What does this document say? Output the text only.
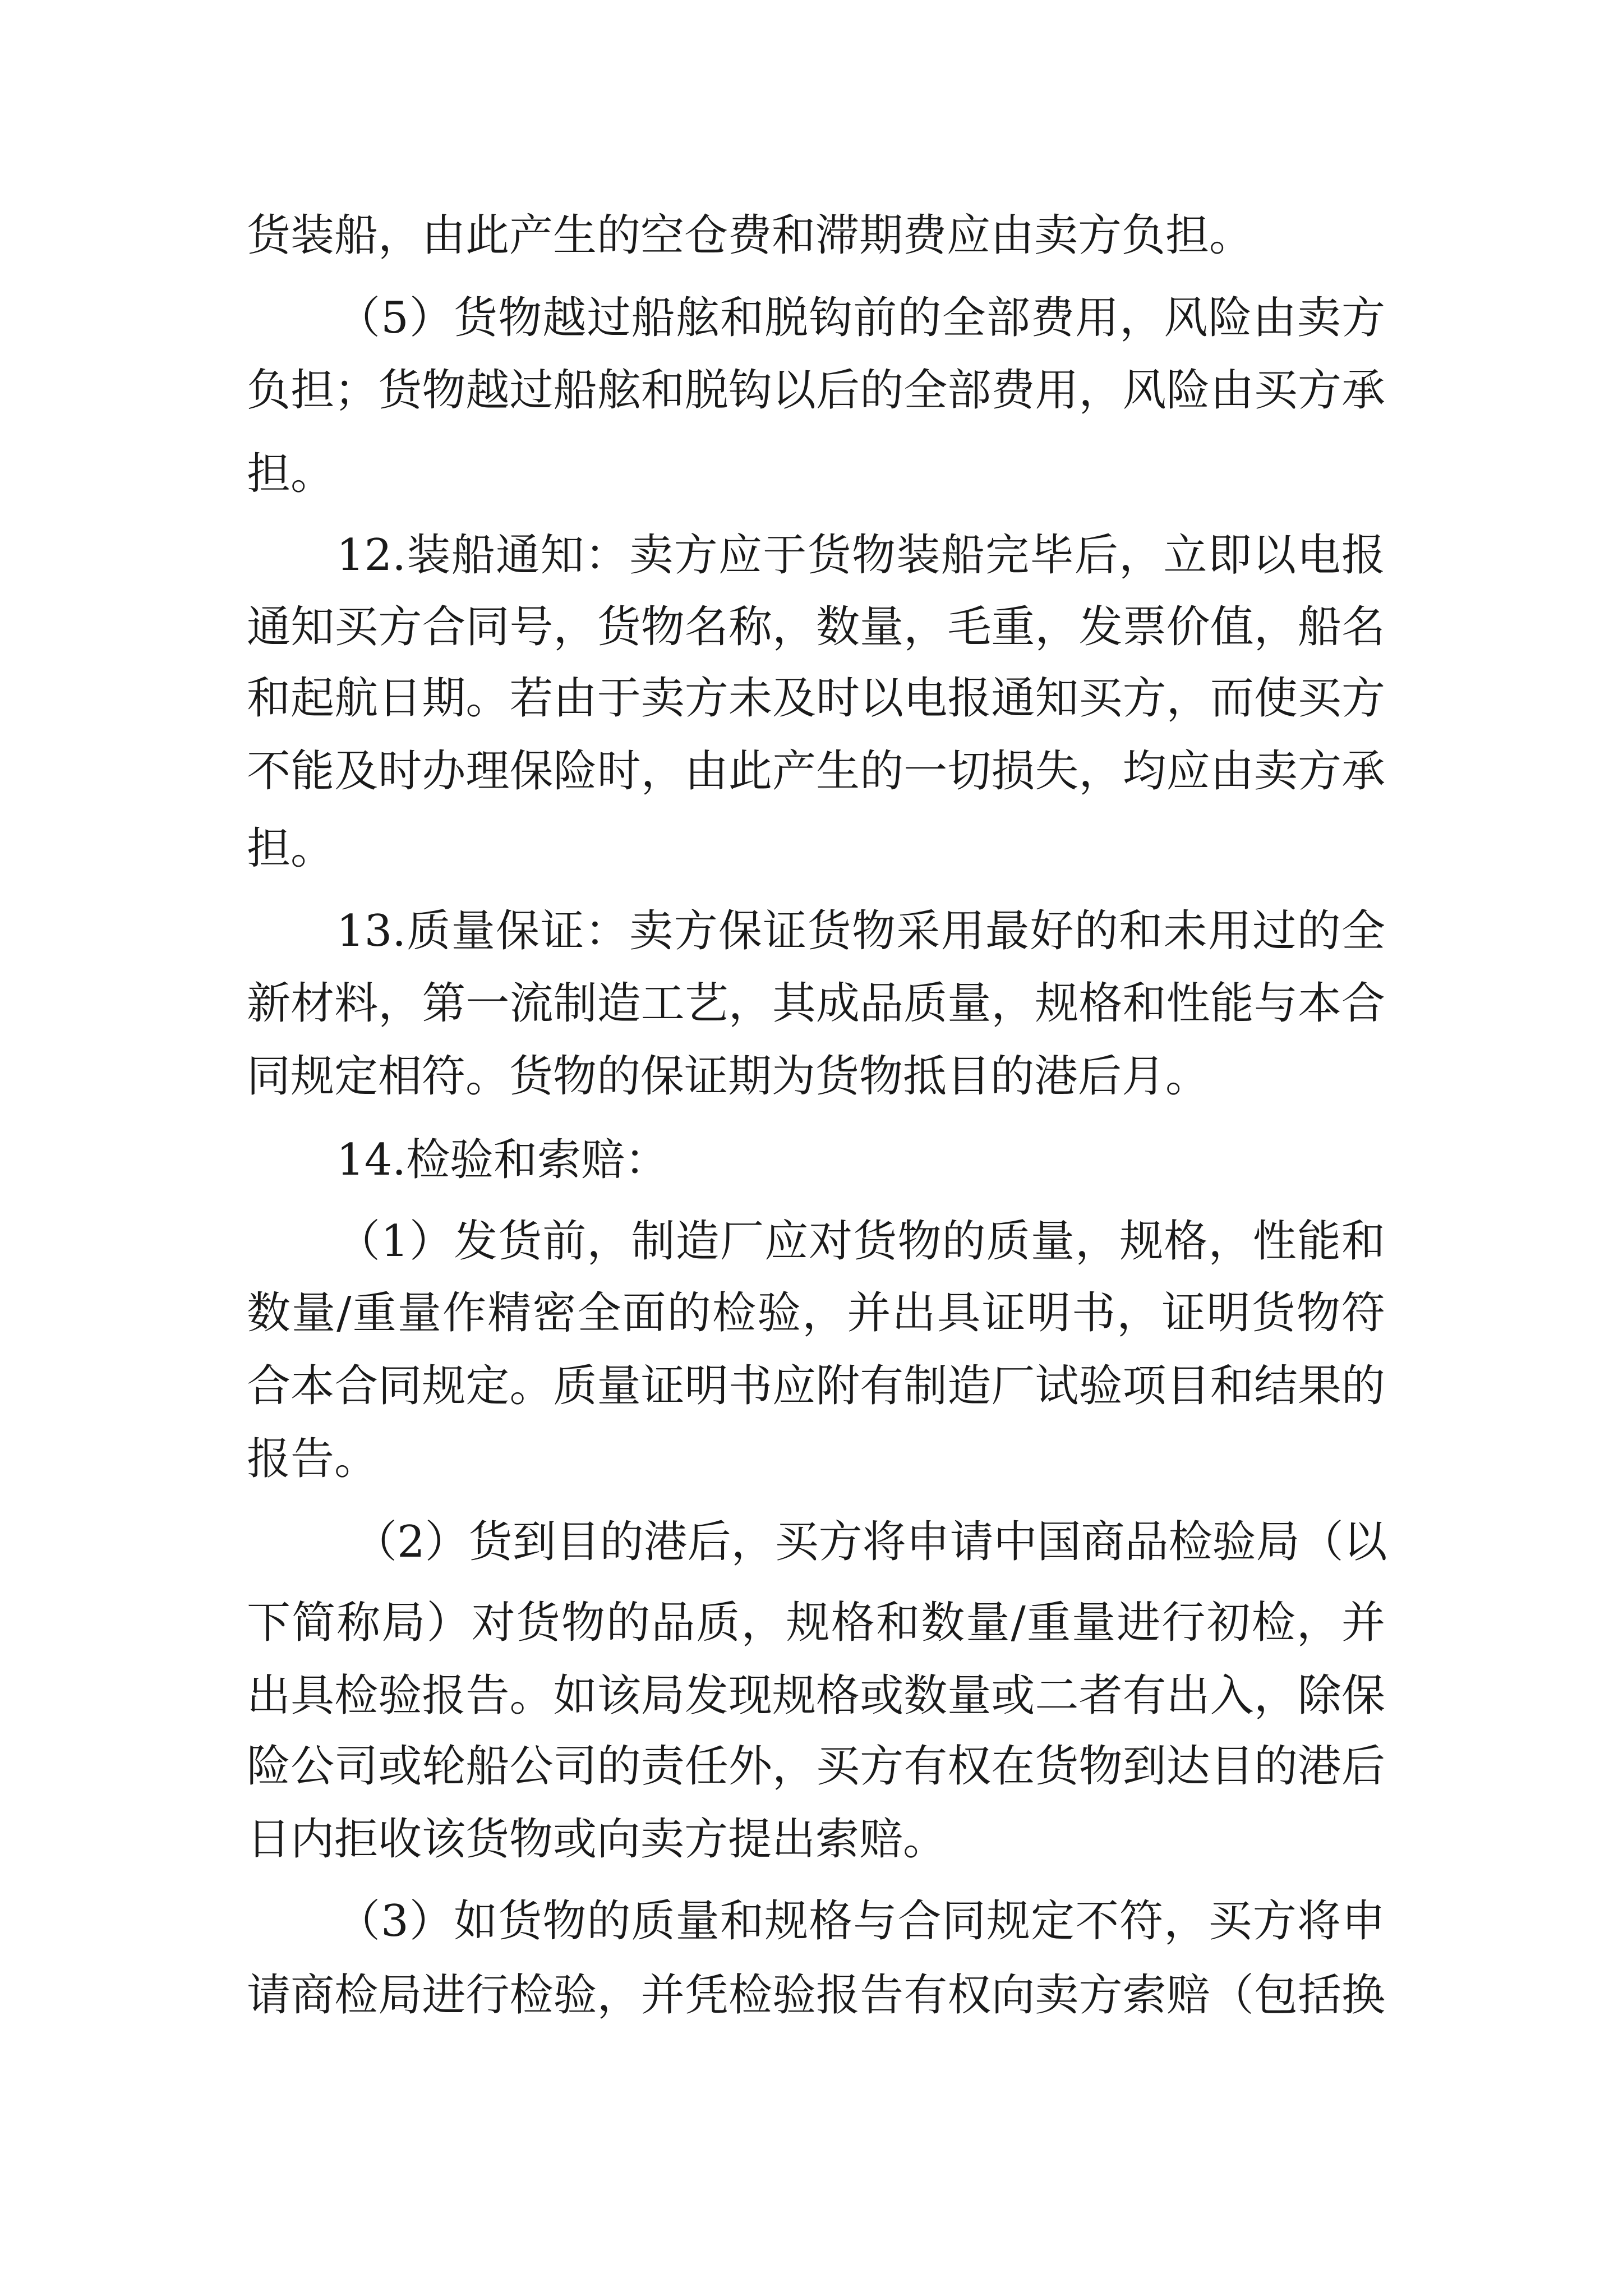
货装船，由此产生的空仓费和滞期费应由卖方负担。

（5）货物越过船舷和脱钩前的全部费用，风险由卖方

负担；货物越过船舷和脱钩以后的全部费用，风险由买方承

担。

12.装船通知：卖方应于货物装船完毕后，立即以电报

通知买方合同号，货物名称，数量，毛重，发票价值，船名

和起航日期。若由于卖方未及时以电报通知买方，而使买方

不能及时办理保险时，由此产生的一切损失，均应由卖方承

担。

13.质量保证：卖方保证货物采用最好的和未用过的全

新材料，第一流制造工艺，其成品质量，规格和性能与本合

同规定相符。货物的保证期为货物抵目的港后月。

14.检验和索赔：

（1）发货前，制造厂应对货物的质量，规格，性能和

数量/重量作精密全面的检验，并出具证明书，证明货物符

合本合同规定。质量证明书应附有制造厂试验项目和结果的

报告。

（2）货到目的港后，买方将申请中国商品检验局（以

下简称局）对货物的品质，规格和数量/重量进行初检，并

出具检验报告。如该局发现规格或数量或二者有出入，除保

险公司或轮船公司的责任外，买方有权在货物到达目的港后

日内拒收该货物或向卖方提出索赔。

（3）如货物的质量和规格与合同规定不符，买方将申

请商检局进行检验，并凭检验报告有权向卖方索赔（包括换
